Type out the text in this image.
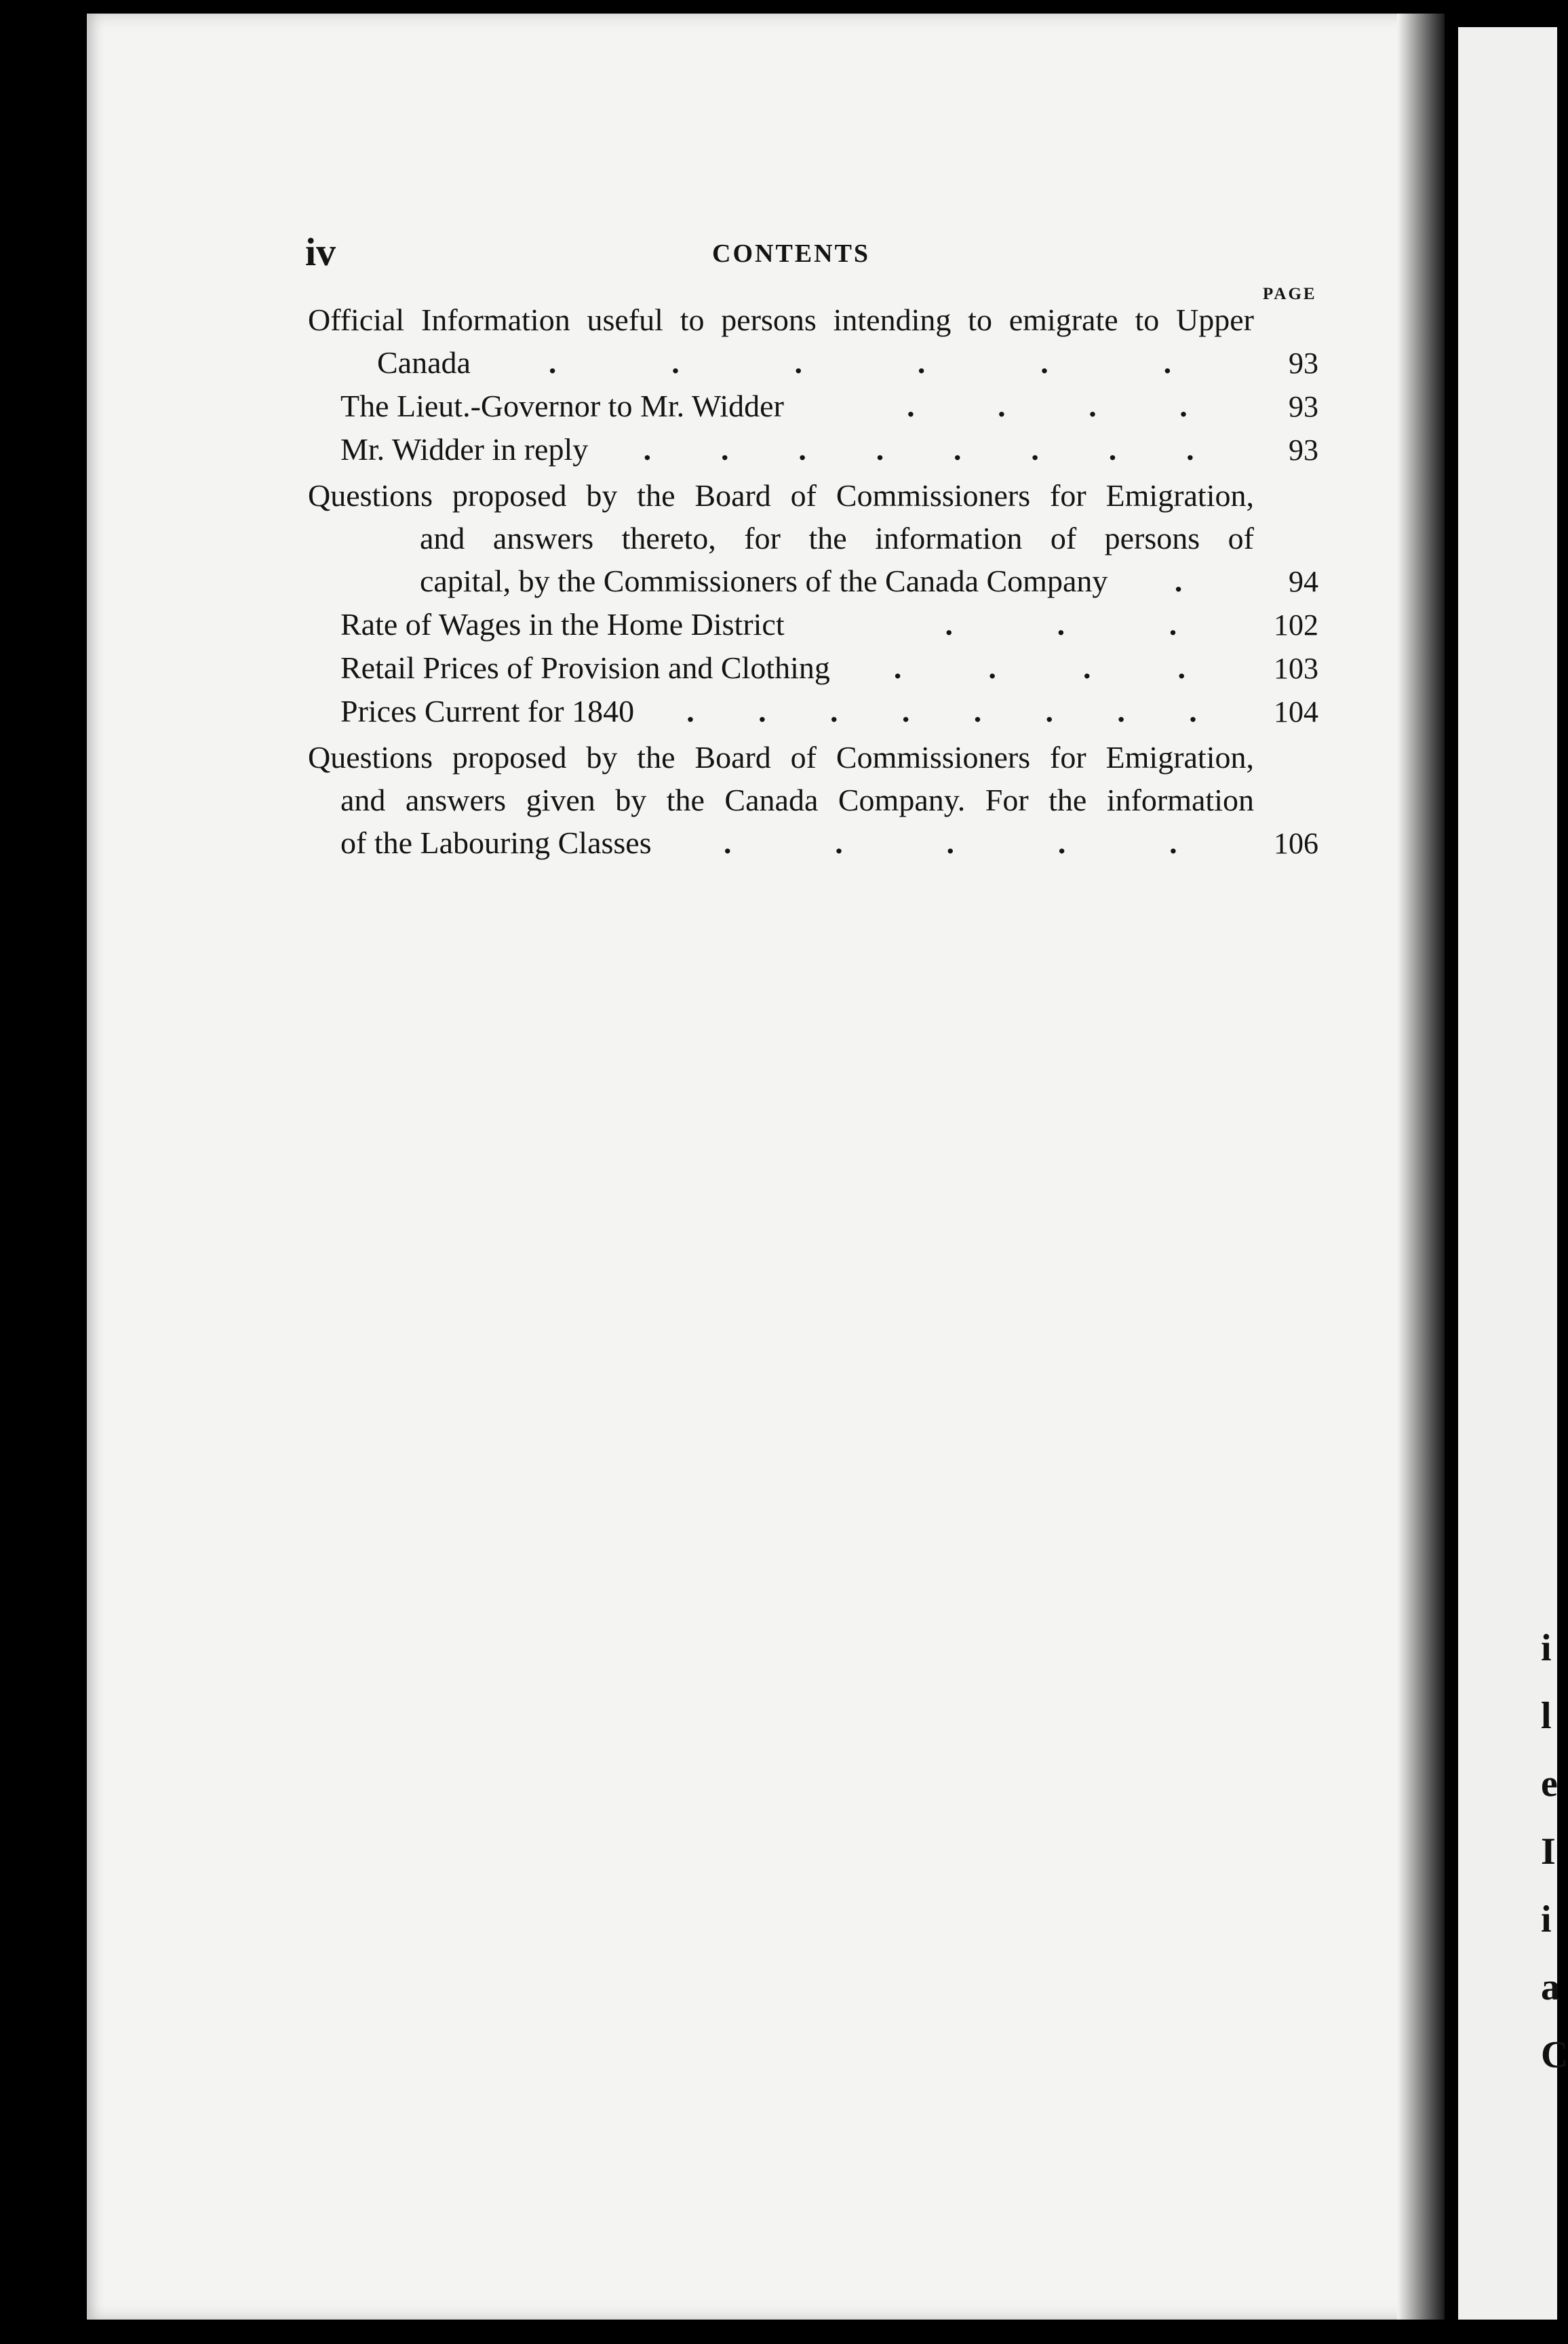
i
l
e
I
i
a
C
iv	CONTENTS
PAGE
Official Information useful to persons intending to emigrate to Upper
Canada .	.	.	.	.	.	93
The Lieut.-Governor to Mr. Widder	.	.	.	.	93
Mr. Widder in reply . . . . . . . .	93
Questions proposed by the Board of Commissioners for Emigration,
and answers thereto, for the information of persons of
capital, by the Commissioners of the Canada Company .	94
Rate of Wages in the Home District	.	.	.	102
Retail Prices of Provision and Clothing .	.	.	.	103
Prices Current for 1840 . . . . . . . .	104
Questions proposed by the Board of Commissioners for Emigration,
and answers given by the Canada Company. For the information
of the Labouring Classes .	.	.	.	.	106
